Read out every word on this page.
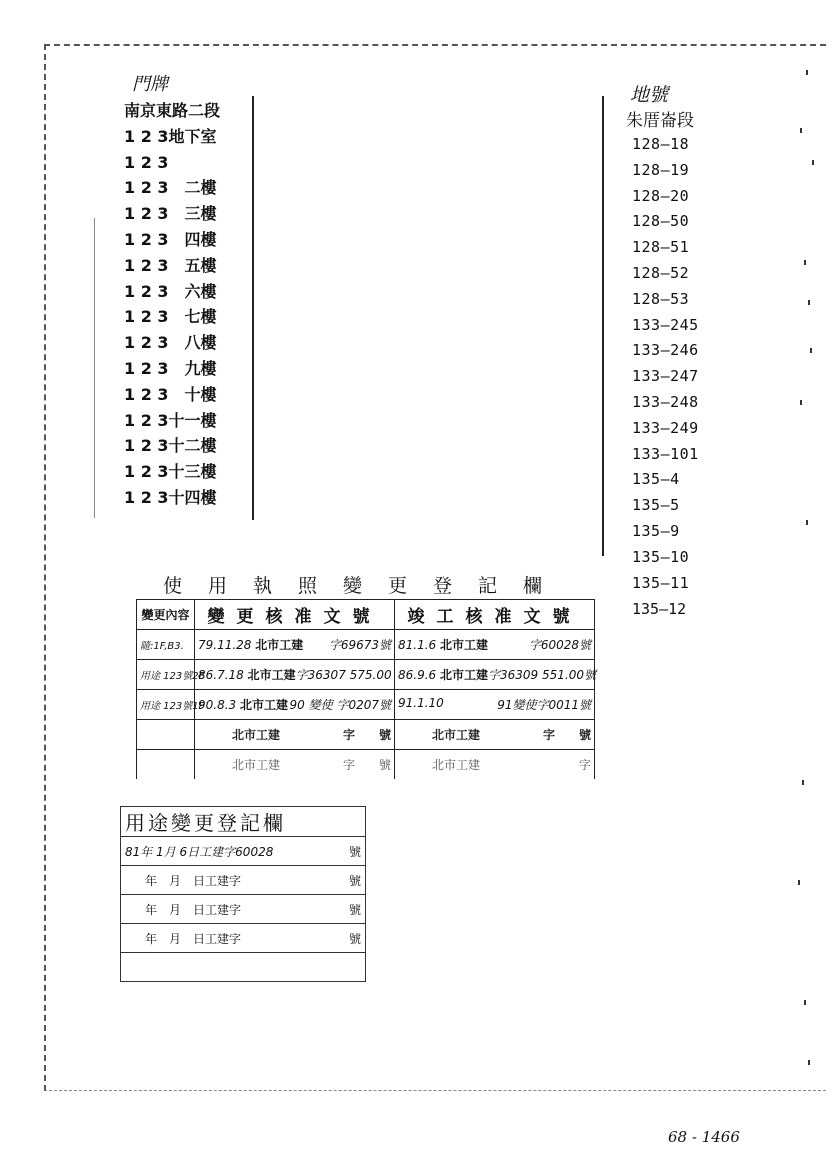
門牌
南京東路二段
1 2 3地下室
1 2 3
1 2 3　二樓
1 2 3　三樓
1 2 3　四樓
1 2 3　五樓
1 2 3　六樓
1 2 3　七樓
1 2 3　八樓
1 2 3　九樓
1 2 3　十樓
1 2 3十一樓
1 2 3十二樓
1 2 3十三樓
1 2 3十四樓
地號
朱厝崙段
128—18
128—19
128—20
128—50
128—51
128—52
128—53
133—245
133—246
133—247
133—248
133—249
133—101
135—4
135—5
135—9
135—10
135—11
135—12
使用執照變更登記欄		
變更內容	變更核准文號	竣工核准文號
隨:1F,B3.	79.11.28 北市工建 字69673號	81.1.6 北市工建 字60028號

用途 123號2F	86.7.18 北市工建 字36307 575.00	86.9.6 北市工建 字36309 551.00號

用途 123號1F	90.8.3 北市工建 90 變使 字0207號	91.1.10 91變使字0011號

	北市工建 字　　號	北市工建 字　　號

	北市工建 字　　號	北市工建 字
用途變更登記欄

81年 1月 6日工建字60028	號

年　月　日工建字	號

年　月　日工建字	號

年　月　日工建字	號

68 - 1466
